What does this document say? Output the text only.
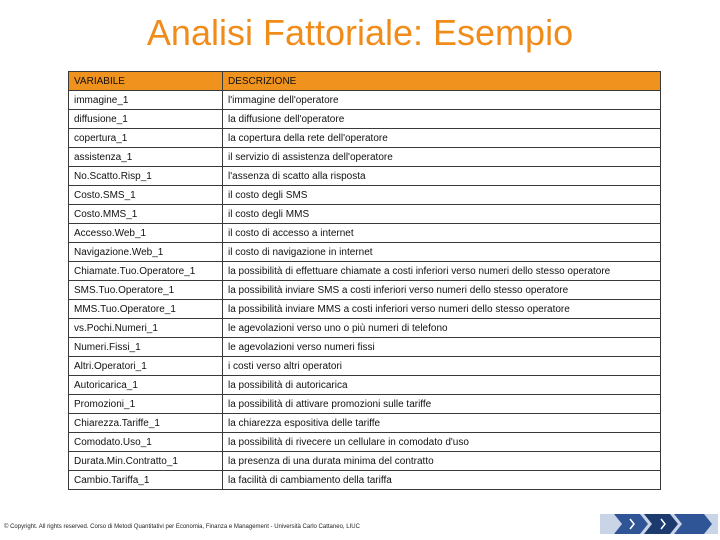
Analisi Fattoriale: Esempio
VARIABILE	DESCRIZIONE
immagine_1	l'immagine dell'operatore
diffusione_1	la diffusione dell'operatore
copertura_1	la copertura della rete dell'operatore
assistenza_1	il servizio di assistenza dell'operatore
No.Scatto.Risp_1	l'assenza di scatto alla risposta
Costo.SMS_1	il costo degli SMS
Costo.MMS_1	il costo degli MMS
Accesso.Web_1	il costo di accesso a internet
Navigazione.Web_1	il costo di navigazione in internet
Chiamate.Tuo.Operatore_1	la possibilità di effettuare chiamate a costi inferiori verso numeri dello stesso operatore
SMS.Tuo.Operatore_1	la possibilità inviare SMS a costi inferiori verso numeri dello stesso operatore
MMS.Tuo.Operatore_1	la possibilità inviare MMS a costi inferiori verso numeri dello stesso operatore
vs.Pochi.Numeri_1	le agevolazioni verso uno o più numeri di telefono
Numeri.Fissi_1	le agevolazioni verso numeri fissi
Altri.Operatori_1	i costi verso altri operatori
Autoricarica_1	la possibilità di autoricarica
Promozioni_1	la possibilità di attivare promozioni sulle tariffe
Chiarezza.Tariffe_1	la chiarezza espositiva delle tariffe
Comodato.Uso_1	la possibilità di rivecere un cellulare in comodato d'uso
Durata.Min.Contratto_1	la presenza di una durata minima del contratto
Cambio.Tariffa_1	la facilità di cambiamento della tariffa
© Copyright. All rights reserved. Corso di Metodi Quantitativi per Economia, Finanza e Management - Università Carlo Cattaneo, LIUC
